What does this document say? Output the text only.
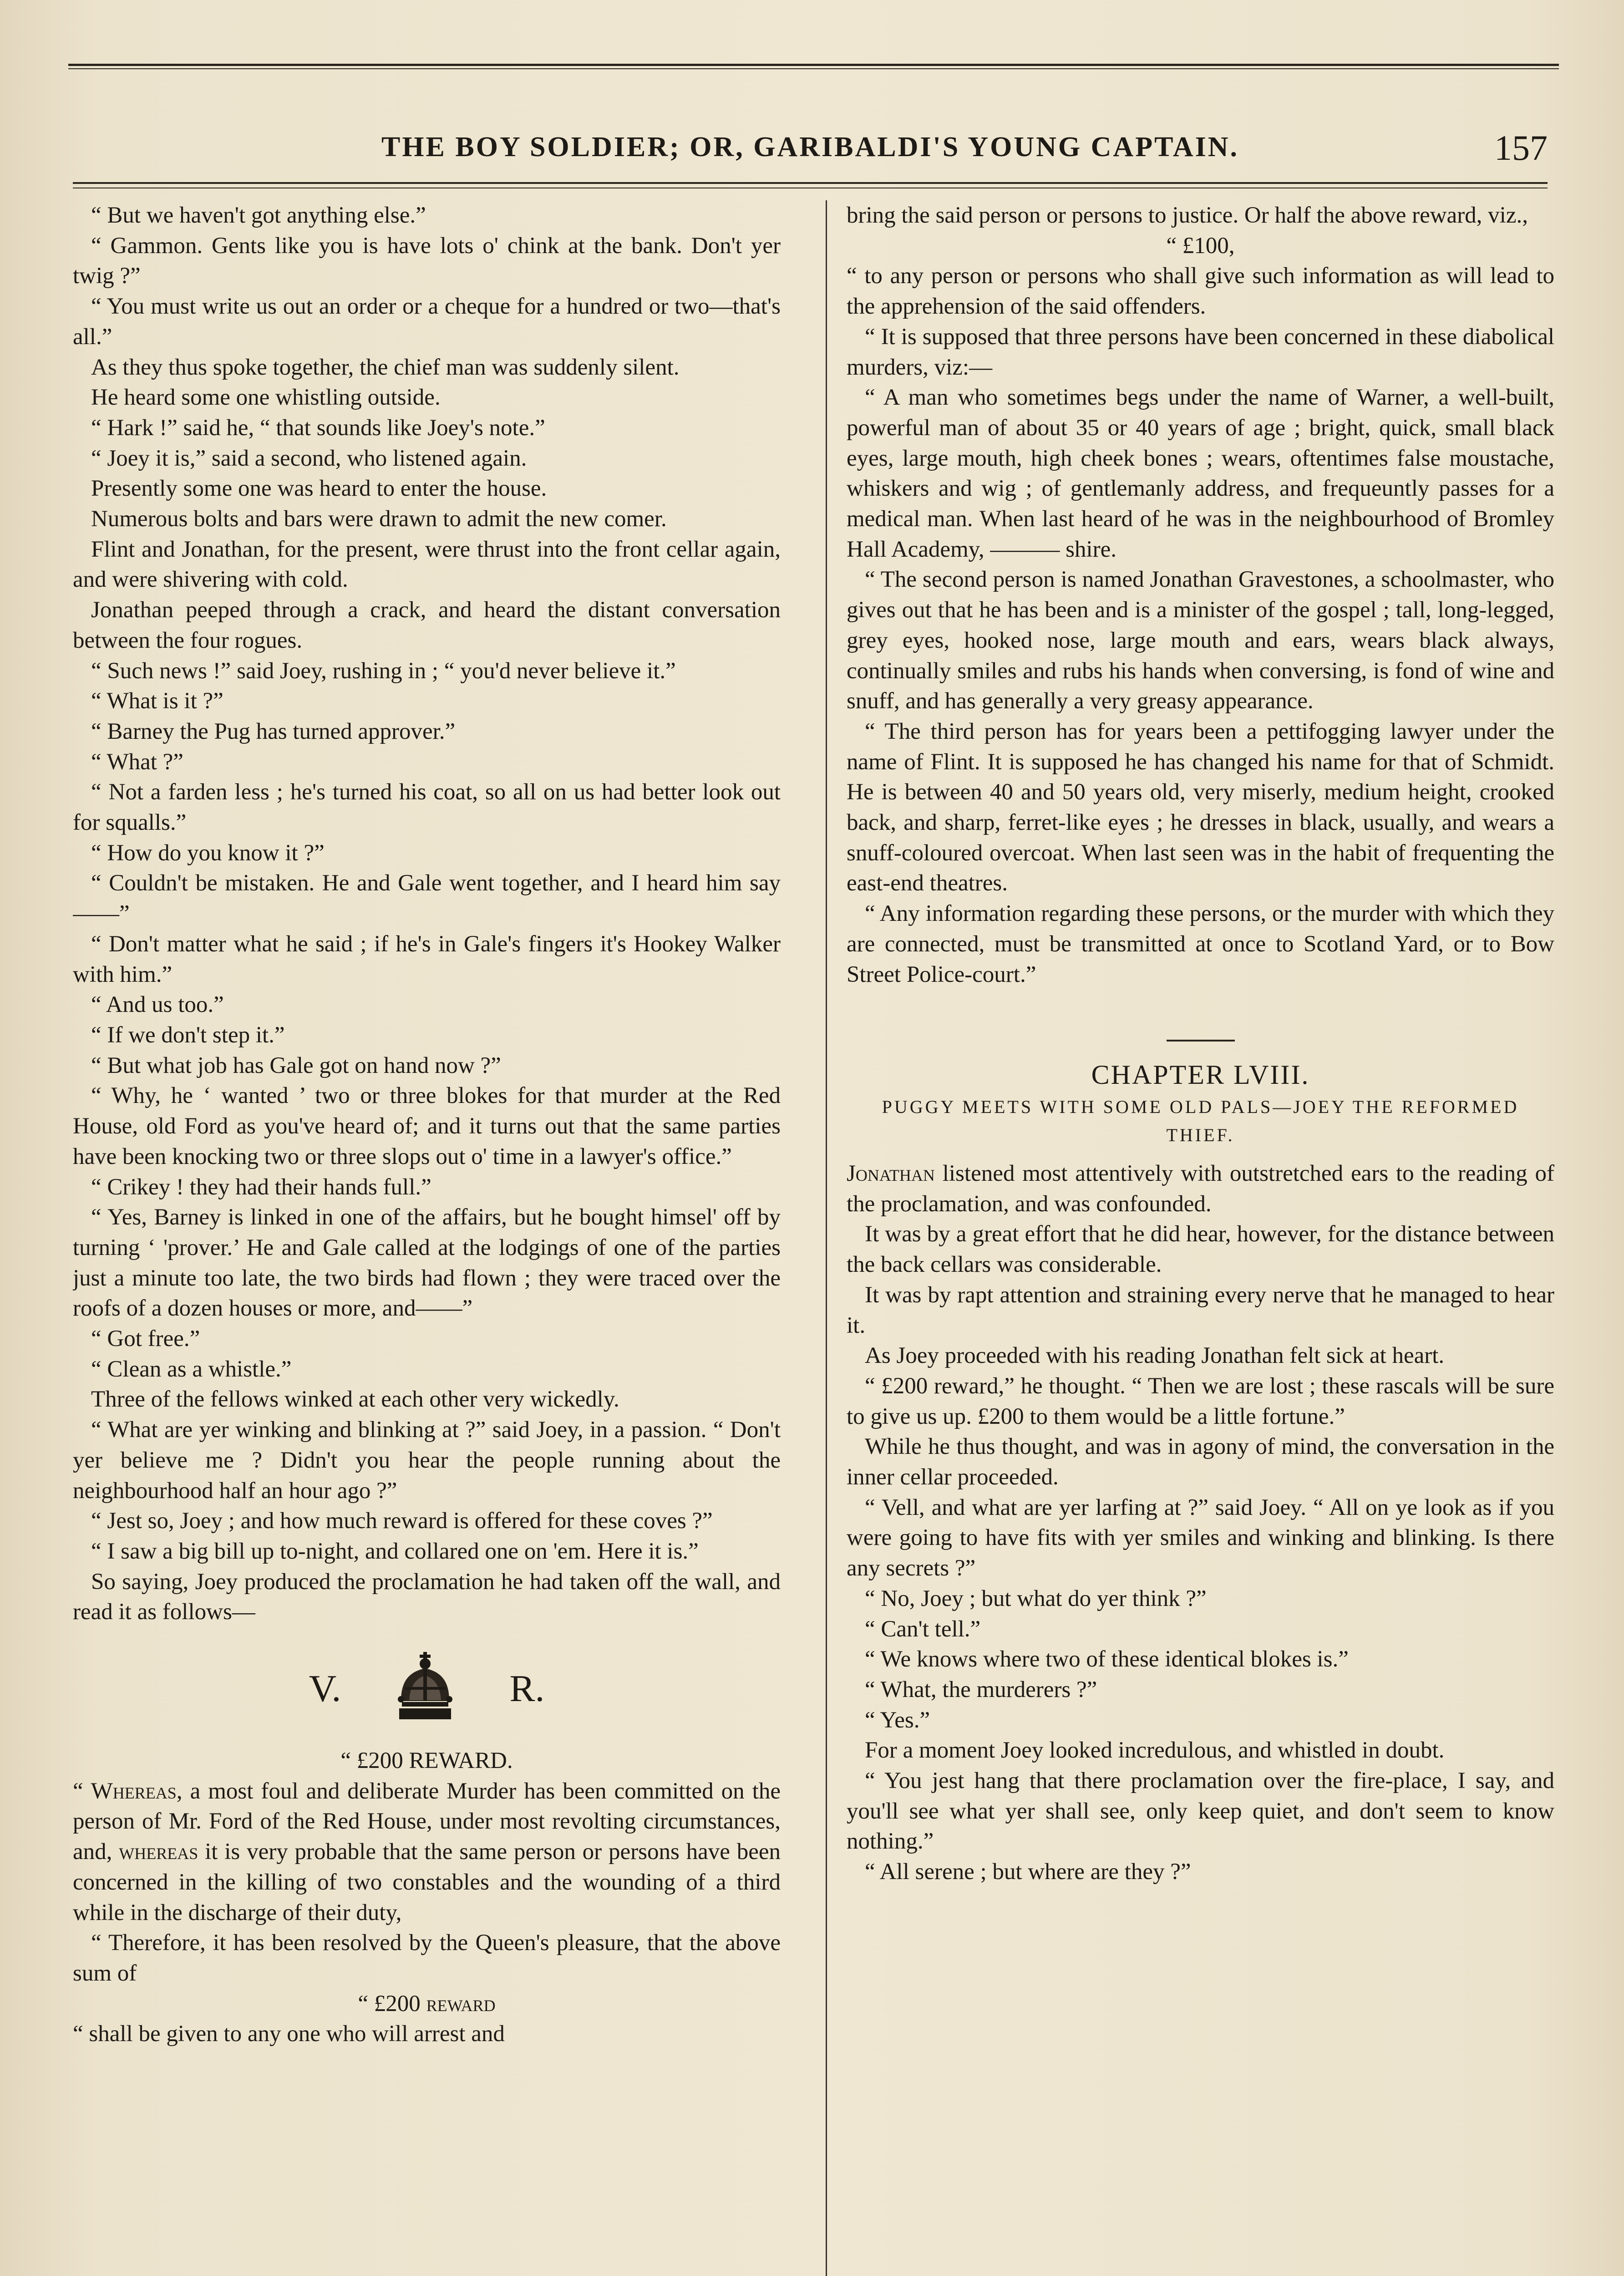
THE BOY SOLDIER; OR, GARIBALDI'S YOUNG CAPTAIN.	157

“ But we haven't got anything else.”

“ Gammon. Gents like you is have lots o' chink at the bank. Don't yer twig ?”

“ You must write us out an order or a cheque for a hundred or two—that's all.”

As they thus spoke together, the chief man was suddenly silent.

He heard some one whistling outside.

“ Hark !” said he, “ that sounds like Joey's note.”

“ Joey it is,” said a second, who listened again.

Presently some one was heard to enter the house.

Numerous bolts and bars were drawn to admit the new comer.

Flint and Jonathan, for the present, were thrust into the front cellar again, and were shivering with cold.

Jonathan peeped through a crack, and heard the distant conversation between the four rogues.

“ Such news !” said Joey, rushing in ; “ you'd never believe it.”

“ What is it ?”

“ Barney the Pug has turned approver.”

“ What ?”

“ Not a farden less ; he's turned his coat, so all on us had better look out for squalls.”

“ How do you know it ?”

“ Couldn't be mistaken. He and Gale went together, and I heard him say——”

“ Don't matter what he said ; if he's in Gale's fingers it's Hookey Walker with him.”

“ And us too.”

“ If we don't step it.”

“ But what job has Gale got on hand now ?”

“ Why, he ‘ wanted ’ two or three blokes for that murder at the Red House, old Ford as you've heard of; and it turns out that the same parties have been knocking two or three slops out o' time in a lawyer's office.”

“ Crikey ! they had their hands full.”

“ Yes, Barney is linked in one of the affairs, but he bought himsel' off by turning ‘ 'prover.’ He and Gale called at the lodgings of one of the parties just a minute too late, the two birds had flown ; they were traced over the roofs of a dozen houses or more, and——”

“ Got free.”

“ Clean as a whistle.”

Three of the fellows winked at each other very wickedly.

“ What are yer winking and blinking at ?” said Joey, in a passion. “ Don't yer believe me ? Didn't you hear the people running about the neighbourhood half an hour ago ?”

“ Jest so, Joey ; and how much reward is offered for these coves ?”

“ I saw a big bill up to-night, and collared one on 'em. Here it is.”

So saying, Joey produced the proclamation he had taken off the wall, and read it as follows—

V.	R.

“ £200 REWARD.

“ Whereas, a most foul and deliberate Murder has been committed on the person of Mr. Ford of the Red House, under most revolting circumstances, and, whereas it is very probable that the same person or persons have been concerned in the killing of two constables and the wounding of a third while in the discharge of their duty,

“ Therefore, it has been resolved by the Queen's pleasure, that the above sum of

“ £200 reward

“ shall be given to any one who will arrest and

bring the said person or persons to justice. Or half the above reward, viz.,

“ £100,

“ to any person or persons who shall give such information as will lead to the apprehension of the said offenders.

“ It is supposed that three persons have been concerned in these diabolical murders, viz:—

“ A man who sometimes begs under the name of Warner, a well-built, powerful man of about 35 or 40 years of age ; bright, quick, small black eyes, large mouth, high cheek bones ; wears, oftentimes false moustache, whiskers and wig ; of gentlemanly address, and frequeuntly passes for a medical man. When last heard of he was in the neighbourhood of Bromley Hall Academy, ——— shire.

“ The second person is named Jonathan Gravestones, a schoolmaster, who gives out that he has been and is a minister of the gospel ; tall, long-legged, grey eyes, hooked nose, large mouth and ears, wears black always, continually smiles and rubs his hands when conversing, is fond of wine and snuff, and has generally a very greasy appearance.

“ The third person has for years been a pettifogging lawyer under the name of Flint. It is supposed he has changed his name for that of Schmidt. He is between 40 and 50 years old, very miserly, medium height, crooked back, and sharp, ferret-like eyes ; he dresses in black, usually, and wears a snuff-coloured overcoat. When last seen was in the habit of frequenting the east-end theatres.

“ Any information regarding these persons, or the murder with which they are connected, must be transmitted at once to Scotland Yard, or to Bow Street Police-court.”

CHAPTER LVIII.
PUGGY MEETS WITH SOME OLD PALS—JOEY THE REFORMED THIEF.

Jonathan listened most attentively with outstretched ears to the reading of the proclamation, and was confounded.

It was by a great effort that he did hear, however, for the distance between the back cellars was considerable.

It was by rapt attention and straining every nerve that he managed to hear it.

As Joey proceeded with his reading Jonathan felt sick at heart.

“ £200 reward,” he thought. “ Then we are lost ; these rascals will be sure to give us up. £200 to them would be a little fortune.”

While he thus thought, and was in agony of mind, the conversation in the inner cellar proceeded.

“ Vell, and what are yer larfing at ?” said Joey. “ All on ye look as if you were going to have fits with yer smiles and winking and blinking. Is there any secrets ?”

“ No, Joey ; but what do yer think ?”

“ Can't tell.”

“ We knows where two of these identical blokes is.”

“ What, the murderers ?”

“ Yes.”

For a moment Joey looked incredulous, and whistled in doubt.

“ You jest hang that there proclamation over the fire-place, I say, and you'll see what yer shall see, only keep quiet, and don't seem to know nothing.”

“ All serene ; but where are they ?”
